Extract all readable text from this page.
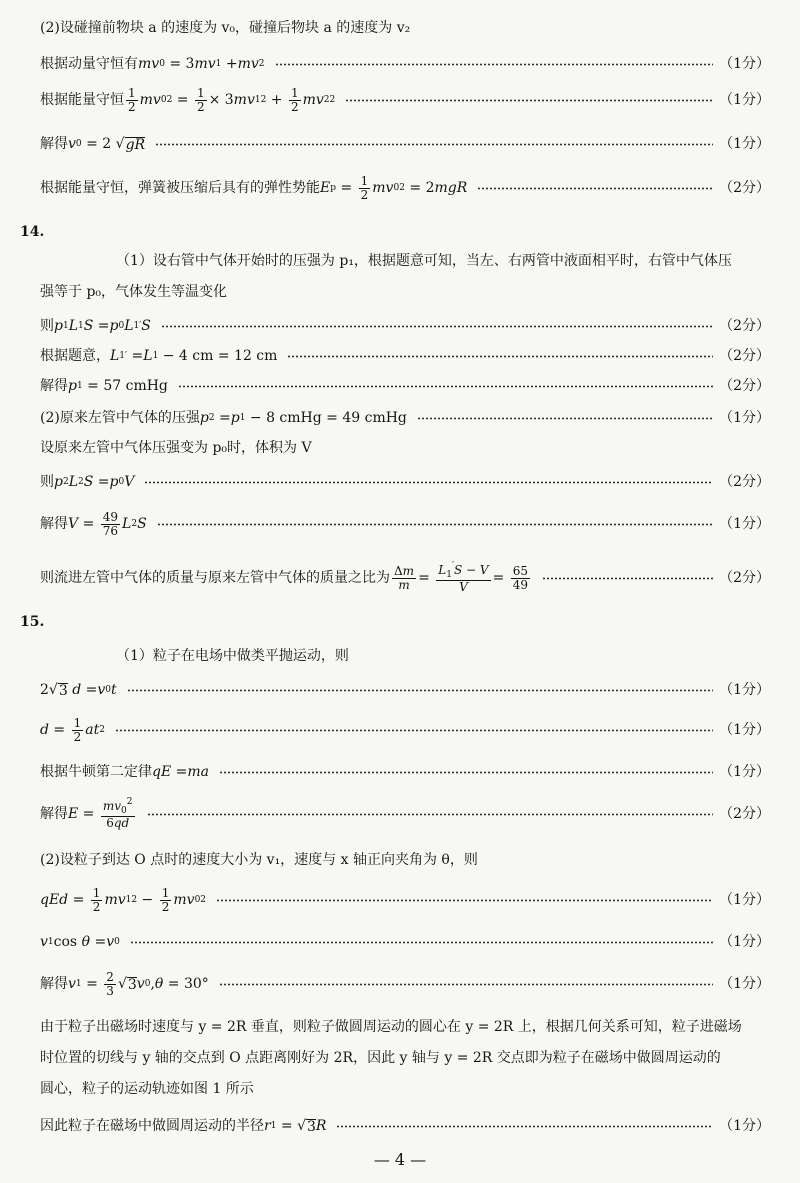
(2)设碰撞前物块 a 的速度为 v₀，碰撞后物块 a 的速度为 v₂
根据动量守恒有 mv 0 = 3 mv 1 + mv 2	（1分）
根据能量守恒 $\frac{1}{2}$ mv 0 $2 = \frac{1}{2} \times 3$ mv 1 $2 + \frac{1}{2}$ mv 2 2	（1分）
解得 v 0 = 2 √ gR	（1分）
根据能量守恒，弹簧被压缩后具有的弹性势能 E $p = \frac{1}{2}$ mv 0 2 = 2 mgR	（2分）
14.
（1）设右管中气体开始时的压强为 p₁，根据题意可知，当左、右两管中液面相平时，右管中气体压
强等于 p₀，气体发生等温变化
则 p 1 L 1 S = p 0 L 1 ′ S	（2分）
根据题意， L 1 ′ = L 1 − 4 cm = 12 cm	（2分）
解得 p 1 = 57 cmHg	（2分）
(2)原来左管中气体的压强 p 2 = p 1 − 8 cmHg = 49 cmHg	（1分）
设原来左管中气体压强变为 p₀时，体积为 V
则 p 2 L 2 S = p 0 V	（2分）
解得 $V = \frac{49}{76}$ L 2 S	（1分）
则流进左管中气体的质量与原来左管中气体的质量之比为 $\frac{\Delta m}{m} = \frac{L_1'S - V}{V} = \frac{65}{49}$	（2分）
15.
（1）粒子在电场中做类平抛运动，则
2√ 3
d = v 0 t	（1分）
$d = \frac{1}{2}$ at 2	（1分）
根据牛顿第二定律 qE = ma	（1分）
解得 $E = \frac{mv_0^2}{6qd}$	（2分）
(2)设粒子到达 O 点时的速度大小为 v₁，速度与 x 轴正向夹角为 θ，则
qEd = $\frac{1}{2}$ mv 1 $2 - \frac{1}{2}$ mv 0 2	（1分）
v 1 cos θ = v 0	（1分）
解得 v $1 = \frac{2}{3}$ √ 3 v 0 , θ = 30°	（1分）
由于粒子出磁场时速度与 y = 2R 垂直，则粒子做圆周运动的圆心在 y = 2R 上，根据几何关系可知，粒子进磁场
时位置的切线与 y 轴的交点到 O 点距离刚好为 2R，因此 y 轴与 y = 2R 交点即为粒子在磁场中做圆周运动的
圆心，粒子的运动轨迹如图 1 所示
因此粒子在磁场中做圆周运动的半径 r 1 = √ 3 R	（1分）
— 4 —
